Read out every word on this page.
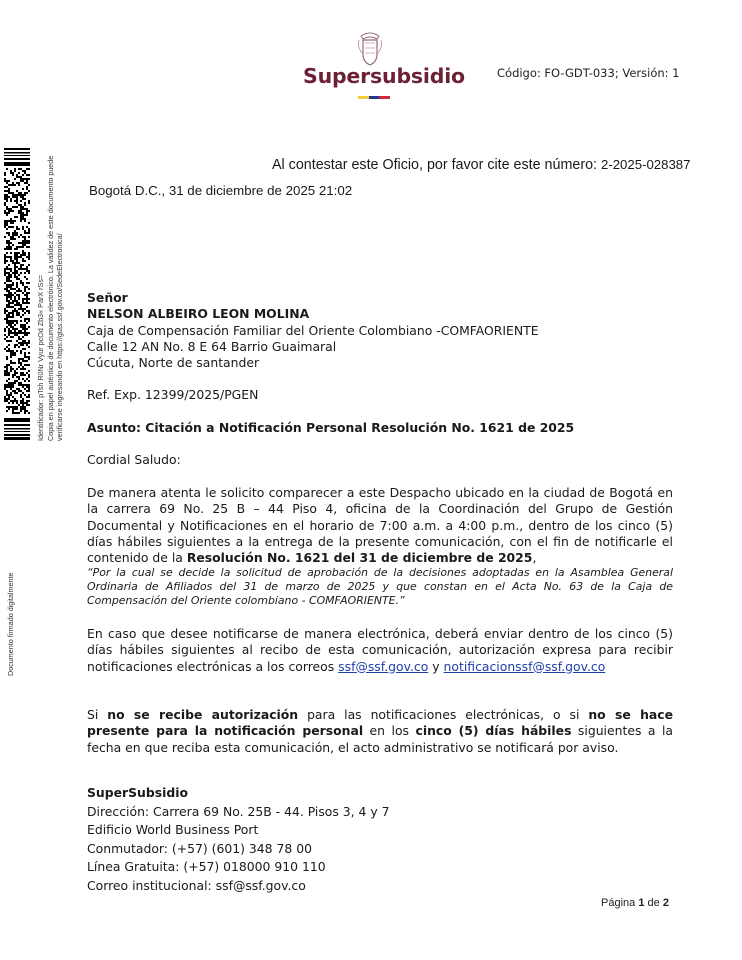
Supersubsidio	Código: FO-GDT-033; Versión: 1
Identificador: pTsh R0Nr Vyur pcOd Zb3« ParX rSs= Copia en papel auténtica de documento electrónico. La validez de este documento puede verificarse ingresando en https://gtas.ssf.gov.co/SedeElectronica/
Documento firmado digitalmente
Al contestar este Oficio, por favor cite este número: 2-2025-028387
Bogotá D.C., 31 de diciembre de 2025 21:02
Señor
NELSON ALBEIRO LEON MOLINA
Caja de Compensación Familiar del Oriente Colombiano -COMFAORIENTE
Calle 12 AN No. 8 E 64 Barrio Guaimaral
Cúcuta, Norte de santander
Ref. Exp. 12399/2025/PGEN
Asunto: Citación a Notificación Personal Resolución No. 1621 de 2025
Cordial Saludo:
De manera atenta le solicito comparecer a este Despacho ubicado en la ciudad de Bogotá en la carrera 69 No. 25 B – 44 Piso 4, oficina de la Coordinación del Grupo de Gestión Documental y Notificaciones en el horario de 7:00 a.m. a 4:00 p.m., dentro de los cinco (5) días hábiles siguientes a la entrega de la presente comunicación, con el fin de notificarle el contenido de la Resolución No. 1621 del 31 de diciembre de 2025,
“Por la cual se decide la solicitud de aprobación de la decisiones adoptadas en la Asamblea General Ordinaria de Afiliados del 31 de marzo de 2025 y que constan en el Acta No. 63 de la Caja de Compensación del Oriente colombiano - COMFAORIENTE.”
En caso que desee notificarse de manera electrónica, deberá enviar dentro de los cinco (5) días hábiles siguientes al recibo de esta comunicación, autorización expresa para recibir notificaciones electrónicas a los correos ssf@ssf.gov.co y notificacionssf@ssf.gov.co
Si no se recibe autorización para las notificaciones electrónicas, o si no se hace presente para la notificación personal en los cinco (5) días hábiles siguientes a la fecha en que reciba esta comunicación, el acto administrativo se notificará por aviso.
SuperSubsidio
Dirección: Carrera 69 No. 25B - 44. Pisos 3, 4 y 7
Edificio World Business Port
Conmutador: (+57) (601) 348 78 00
Línea Gratuita: (+57) 018000 910 110
Correo institucional: ssf@ssf.gov.co
Página 1 de 2
